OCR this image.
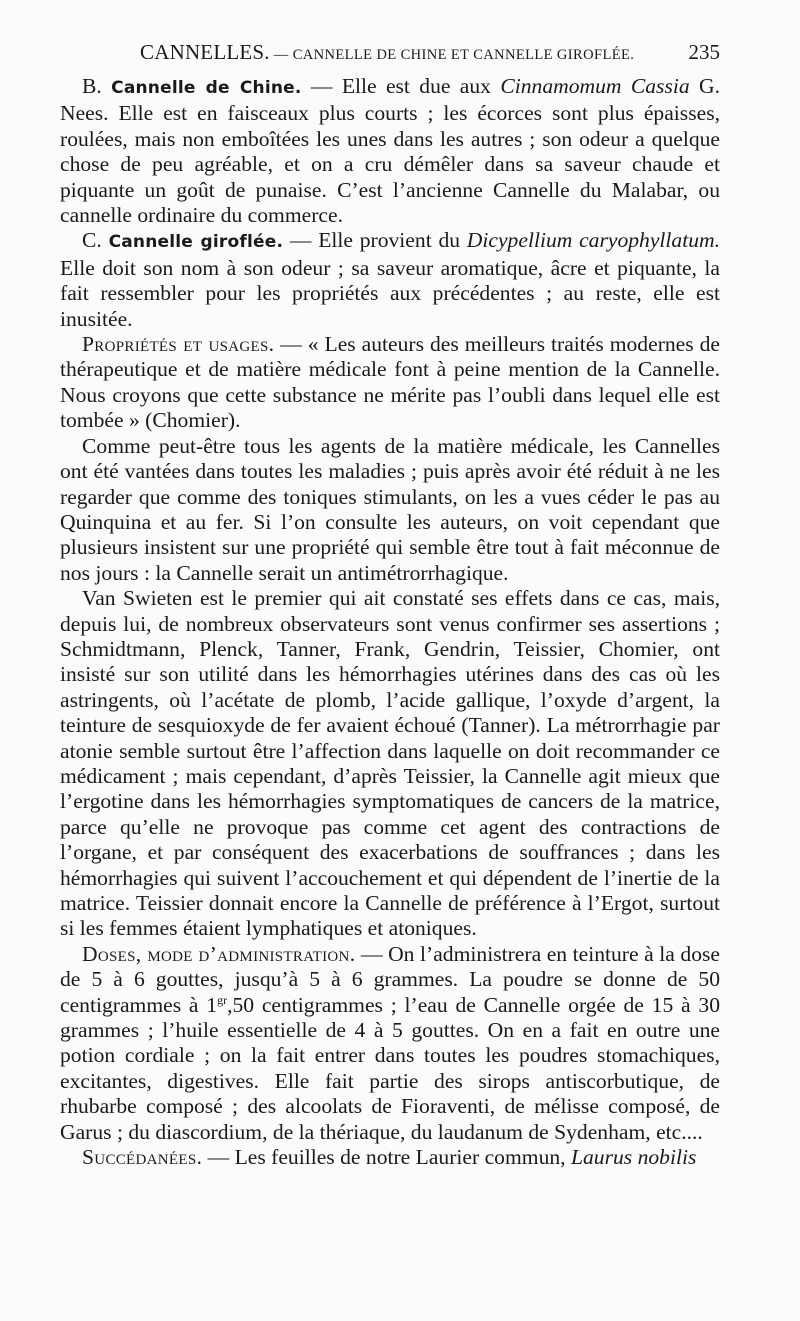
CANNELLES. — CANNELLE DE CHINE ET CANNELLE GIROFLÉE.	235

B. Cannelle de Chine. — Elle est due aux Cinnamomum Cassia G. Nees. Elle est en faisceaux plus courts ; les écorces sont plus épaisses, roulées, mais non emboîtées les unes dans les autres ; son odeur a quelque chose de peu agréable, et on a cru démêler dans sa saveur chaude et piquante un goût de punaise. C’est l’ancienne Cannelle du Malabar, ou cannelle ordinaire du commerce.

C. Cannelle giroflée. — Elle provient du Dicypellium caryophyllatum. Elle doit son nom à son odeur ; sa saveur aromatique, âcre et piquante, la fait ressembler pour les propriétés aux précédentes ; au reste, elle est inusitée.

Propriétés et usages. — « Les auteurs des meilleurs traités modernes de thérapeutique et de matière médicale font à peine mention de la Cannelle. Nous croyons que cette substance ne mérite pas l’oubli dans lequel elle est tombée » (Chomier).

Comme peut-être tous les agents de la matière médicale, les Cannelles ont été vantées dans toutes les maladies ; puis après avoir été réduit à ne les regarder que comme des toniques stimulants, on les a vues céder le pas au Quinquina et au fer. Si l’on consulte les auteurs, on voit cependant que plusieurs insistent sur une propriété qui semble être tout à fait méconnue de nos jours : la Cannelle serait un antimétrorrhagique.

Van Swieten est le premier qui ait constaté ses effets dans ce cas, mais, depuis lui, de nombreux observateurs sont venus confirmer ses assertions ; Schmidtmann, Plenck, Tanner, Frank, Gendrin, Teissier, Chomier, ont insisté sur son utilité dans les hémorrhagies utérines dans des cas où les astringents, où l’acétate de plomb, l’acide gallique, l’oxyde d’argent, la teinture de sesquioxyde de fer avaient échoué (Tanner). La métrorrhagie par atonie semble surtout être l’affection dans laquelle on doit recommander ce médicament ; mais cependant, d’après Teissier, la Cannelle agit mieux que l’ergotine dans les hémorrhagies symptomatiques de cancers de la matrice, parce qu’elle ne provoque pas comme cet agent des contractions de l’organe, et par conséquent des exacerbations de souffrances ; dans les hémorrhagies qui suivent l’accouchement et qui dépendent de l’inertie de la matrice. Teissier donnait encore la Cannelle de préférence à l’Ergot, surtout si les femmes étaient lymphatiques et atoniques.

Doses, mode d’administration. — On l’administrera en teinture à la dose de 5 à 6 gouttes, jusqu’à 5 à 6 grammes. La poudre se donne de 50 centigrammes à $1^{gr},50$ centigrammes ; l’eau de Cannelle orgée de 15 à 30 grammes ; l’huile essentielle de 4 à 5 gouttes. On en a fait en outre une potion cordiale ; on la fait entrer dans toutes les poudres stomachiques, excitantes, digestives. Elle fait partie des sirops antiscorbutique, de rhubarbe composé ; des alcoolats de Fioraventi, de mélisse composé, de Garus ; du diascordium, de la thériaque, du laudanum de Sydenham, etc....

Succédanées. — Les feuilles de notre Laurier commun, Laurus nobilis
